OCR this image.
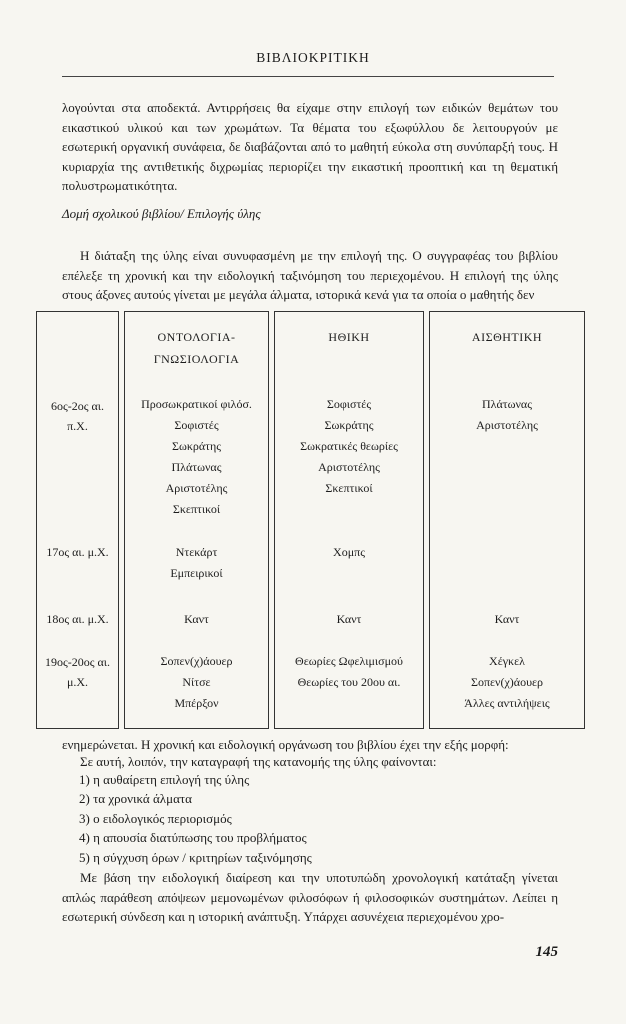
ΒΙΒΛΙΟΚΡΙΤΙΚΗ

λογούνται στα αποδεκτά. Αντιρρήσεις θα είχαμε στην επιλογή των ειδικών θεμάτων του εικαστικού υλικού και των χρωμάτων. Τα θέματα του εξωφύλλου δε λειτουργούν με εσωτερική οργανική συνάφεια, δε διαβάζονται από το μαθητή εύκολα στη συνύπαρξή τους. Η κυριαρχία της αντιθετικής διχρωμίας περιορίζει την εικαστική προοπτική και τη θεματική πολυστρωματικότητα.

Δομή σχολικού βιβλίου/ Επιλογής ύλης

Η διάταξη της ύλης είναι συνυφασμένη με την επιλογή της. Ο συγγραφέας του βιβλίου επέλεξε τη χρονική και την ειδολογική ταξινόμηση του περιεχομένου. Η επιλογή της ύλης στους άξονες αυτούς γίνεται με μεγάλα άλματα, ιστορικά κενά για τα οποία ο μαθητής δεν

6ος-2ος αι.
π.Χ.
17ος αι. μ.Χ.
18ος αι. μ.Χ.
19ος-20ος αι.
μ.Χ.
ΟΝΤΟΛΟΓΙΑ- ΓΝΩΣΙΟΛΟΓΙΑ
Προσωκρατικοί φιλόσ.
Σοφιστές
Σωκράτης
Πλάτωνας
Αριστοτέλης
Σκεπτικοί
Ντεκάρτ
Εμπειρικοί
Καντ
Σοπεν(χ)άουερ
Νίτσε
Μπέρξον
ΗΘΙΚΗ
Σοφιστές
Σωκράτης
Σωκρατικές θεωρίες
Αριστοτέλης
Σκεπτικοί
Χομπς
Καντ
Θεωρίες Ωφελιμισμού
Θεωρίες του 20ου αι.
ΑΙΣΘΗΤΙΚΗ
Πλάτωνας
Αριστοτέλης
Καντ
Χέγκελ
Σοπεν(χ)άουερ
Άλλες αντιλήψεις

ενημερώνεται. Η χρονική και ειδολογική οργάνωση του βιβλίου έχει την εξής μορφή:

Σε αυτή, λοιπόν, την καταγραφή της κατανομής της ύλης φαίνονται:

1) η αυθαίρετη επιλογή της ύλης
2) τα χρονικά άλματα
3) ο ειδολογικός περιορισμός
4) η απουσία διατύπωσης του προβλήματος
5) η σύγχυση όρων / κριτηρίων ταξινόμησης

Με βάση την ειδολογική διαίρεση και την υποτυπώδη χρονολογική κατάταξη γίνεται απλώς παράθεση απόψεων μεμονωμένων φιλοσόφων ή φιλοσοφικών συστημάτων. Λείπει η εσωτερική σύνδεση και η ιστορική ανάπτυξη. Υπάρχει ασυνέχεια περιεχομένου χρο-

145
